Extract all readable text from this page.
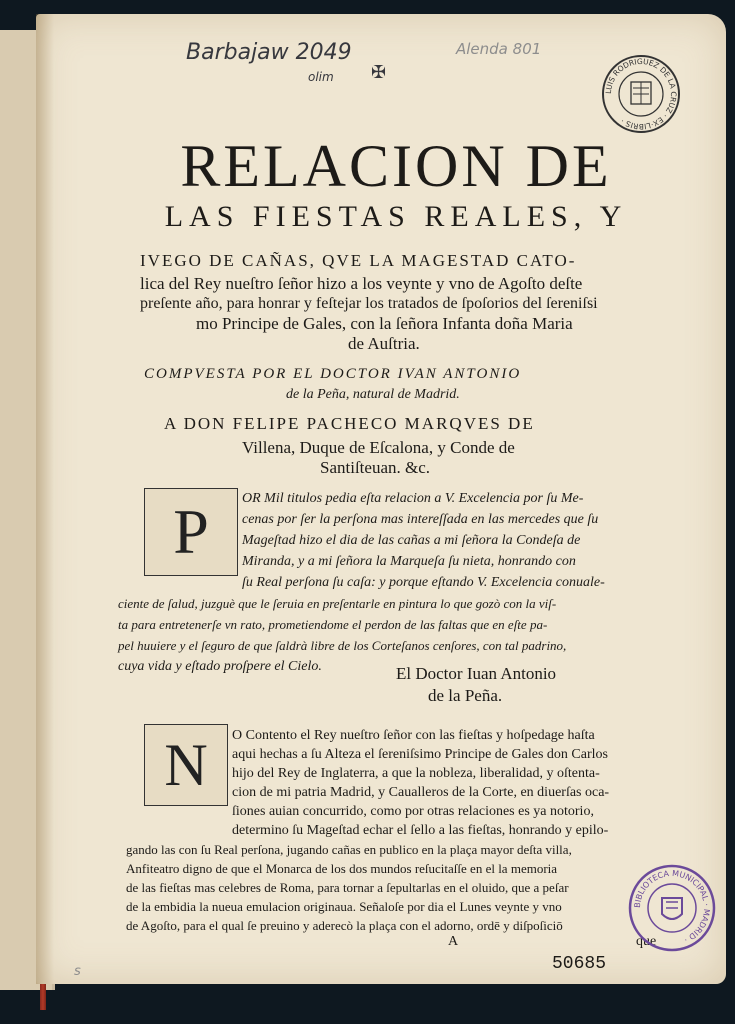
Barbajaw 2049
olim ✠
Alenda 801
LUIS RODRIGUEZ DE LA CRUZ · EX·LIBRIS ·
RELACION DE
LAS FIESTAS REALES, Y
IVEGO DE CAÑAS, QVE LA MAGESTAD CATO-
lica del Rey nueſtro ſeñor hizo a los veynte y vno de Agoſto deſte
preſente año, para honrar y feſtejar los tratados de ſpoſorios del ſereniſsi
mo Principe de Gales, con la ſeñora Infanta doña Maria
de Auſtria.
COMPVESTA POR EL DOCTOR IVAN ANTONIO
de la Peña, natural de Madrid.
A DON FELIPE PACHECO MARQVES DE
Villena, Duque de Eſcalona, y Conde de
Santiſteuan. &c.
P OR Mil titulos pedia eſta relacion a V. Excelencia por ſu Me-
cenas por ſer la perſona mas intereſſada en las mercedes que ſu
Mageſtad hizo el dia de las cañas a mi ſeñora la Condeſa de
Miranda, y a mi ſeñora la Marqueſa ſu nieta, honrando con
ſu Real perſona ſu caſa: y porque eſtando V. Excelencia conuale-
ciente de ſalud, juzguè que le ſeruia en preſentarle en pintura lo que gozò con la viſ-
ta para entretenerſe vn rato, prometiendome el perdon de las faltas que en eſte pa-
pel huuiere y el ſeguro de que ſaldrà libre de los Corteſanos cenſores, con tal padrino,
cuya vida y eſtado proſpere el Cielo.	El Doctor Iuan Antonio
de la Peña.
N O Contento el Rey nueſtro ſeñor con las fieſtas y hoſpedage haſta
aqui hechas a ſu Alteza el ſereniſsimo Principe de Gales don Carlos
hijo del Rey de Inglaterra, a que la nobleza, liberalidad, y oſtenta-
cion de mi patria Madrid, y Caualleros de la Corte, en diuerſas oca-
ſiones auian concurrido, como por otras relaciones es ya notorio,
determino ſu Mageſtad echar el ſello a las fieſtas, honrando y epilo-
gando las con ſu Real perſona, jugando cañas en publico en la plaça mayor deſta villa,
Anfiteatro digno de que el Monarca de los dos mundos reſucitaſſe en el la memoria
de las fieſtas mas celebres de Roma, para tornar a ſepultarlas en el oluido, que a peſar
de la embidia la nueua emulacion originaua. Señaloſe por dia el Lunes veynte y vno
de Agoſto, para el qual ſe preuino y aderecò la plaça con el adorno, ordē y diſpoſiciō
que
A
50685
s
BIBLIOTECA MUNICIPAL · MADRID ·
